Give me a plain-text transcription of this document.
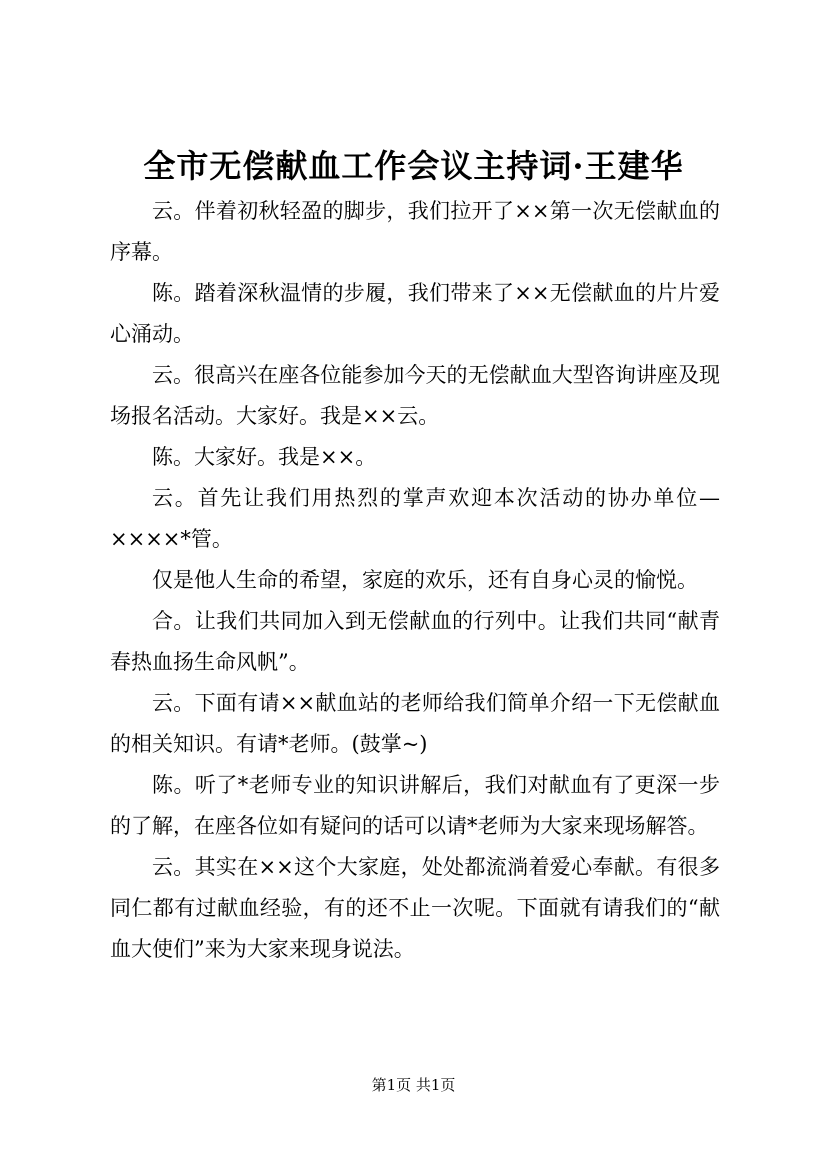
全市无偿献血工作会议主持词·王建华

云。伴着初秋轻盈的脚步，我们拉开了××第一次无偿献血的序幕。

陈。踏着深秋温情的步履，我们带来了××无偿献血的片片爱心涌动。

云。很高兴在座各位能参加今天的无偿献血大型咨询讲座及现场报名活动。大家好。我是××云。

陈。大家好。我是××。

云。首先让我们用热烈的掌声欢迎本次活动的协办单位—××××*管。

仅是他人生命的希望，家庭的欢乐，还有自身心灵的愉悦。

合。让我们共同加入到无偿献血的行列中。让我们共同“献青春热血扬生命风帆”。

云。下面有请××献血站的老师给我们简单介绍一下无偿献血的相关知识。有请*老师。(鼓掌~)

陈。听了*老师专业的知识讲解后，我们对献血有了更深一步的了解，在座各位如有疑问的话可以请*老师为大家来现场解答。

云。其实在××这个大家庭，处处都流淌着爱心奉献。有很多同仁都有过献血经验，有的还不止一次呢。下面就有请我们的“献血大使们”来为大家来现身说法。

第1页 共1页
